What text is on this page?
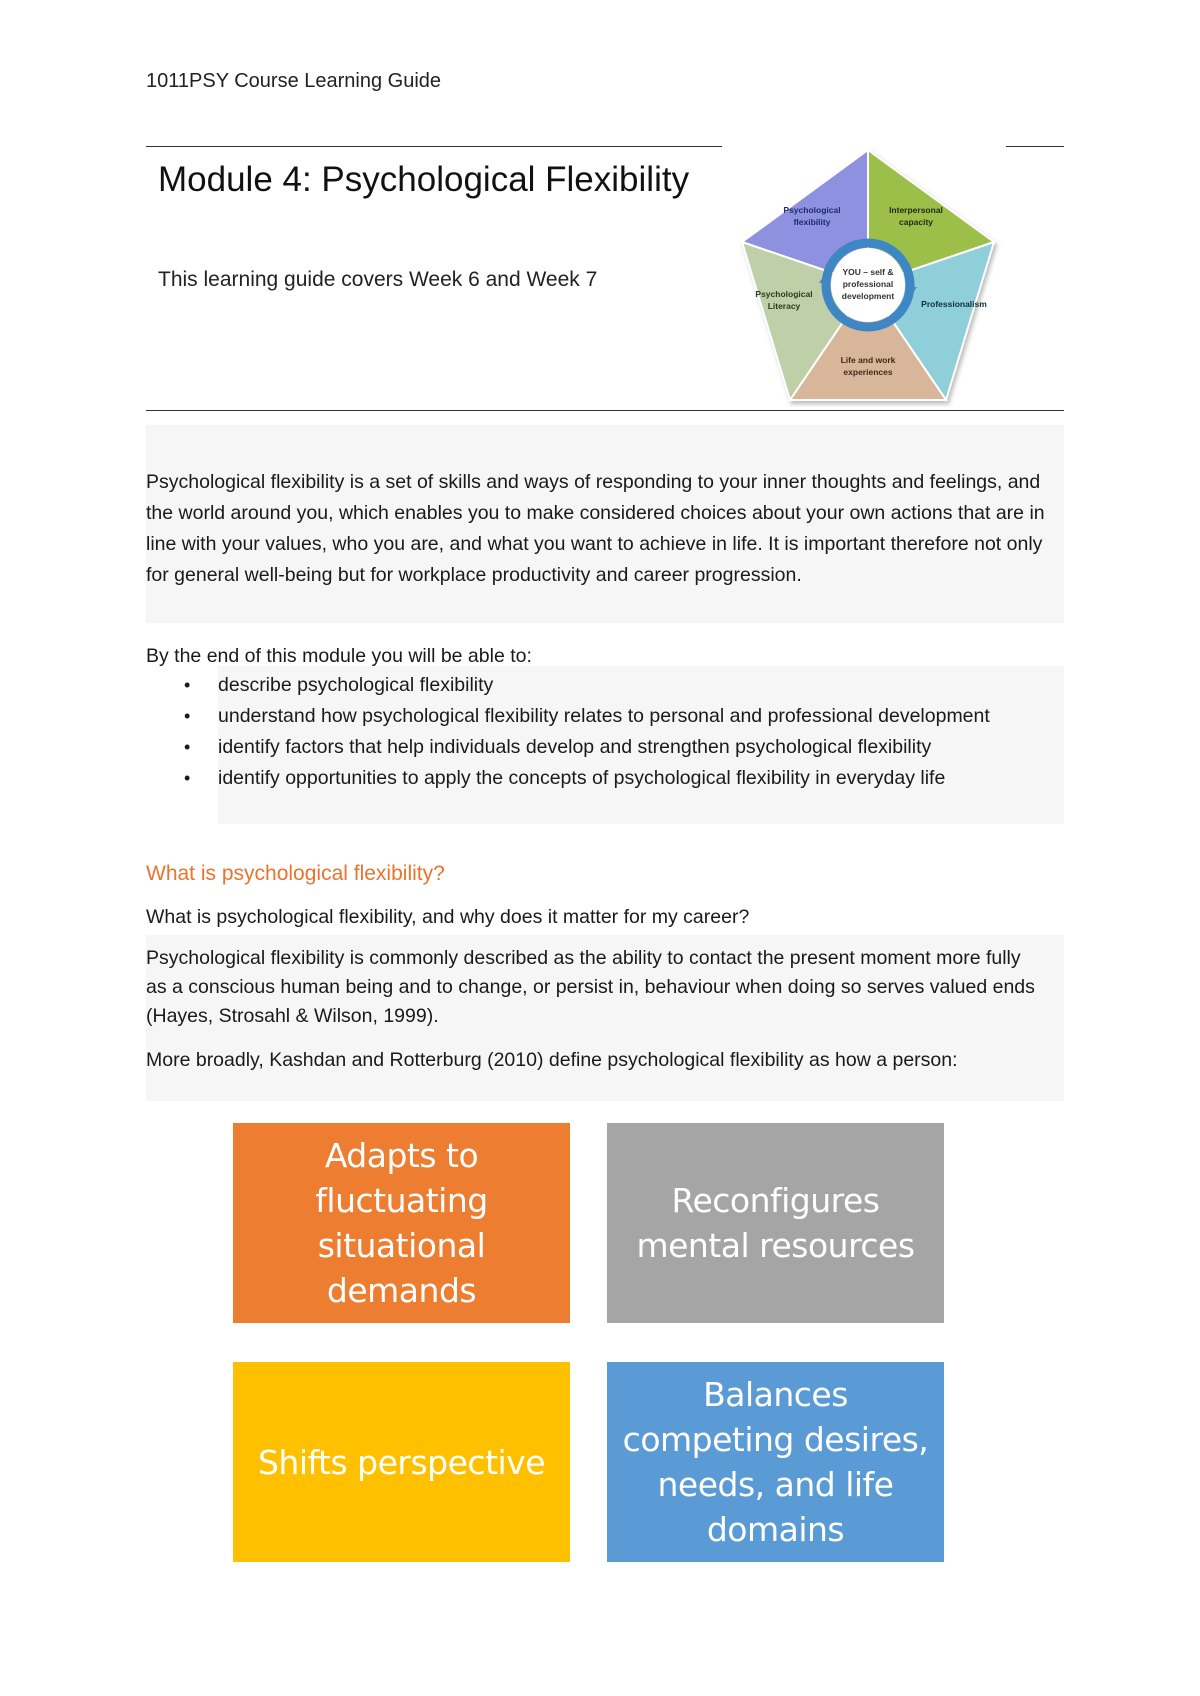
1011PSY Course Learning Guide
Module 4: Psychological Flexibility
This learning guide covers Week 6 and Week 7
Psychological
flexibility
Interpersonal
capacity
Professionalism
Life and work
experiences
Psychological
Literacy
YOU – self &
professional
development
Psychological flexibility is a set of skills and ways of responding to your inner thoughts and feelings, and the world around you, which enables you to make considered choices about your own actions that are in line with your values, who you are, and what you want to achieve in life. It is important therefore not only for general well-being but for workplace productivity and career progression.
By the end of this module you will be able to:
• describe psychological flexibility
• understand how psychological flexibility relates to personal and professional development
• identify factors that help individuals develop and strengthen psychological flexibility
• identify opportunities to apply the concepts of psychological flexibility in everyday life
What is psychological flexibility?
What is psychological flexibility, and why does it matter for my career?
Psychological flexibility is commonly described as the ability to contact the present moment more fully as a conscious human being and to change, or persist in, behaviour when doing so serves valued ends (Hayes, Strosahl & Wilson, 1999).
More broadly, Kashdan and Rotterburg (2010) define psychological flexibility as how a person:
Adapts to fluctuating situational demands
Reconfigures mental resources
Shifts perspective
Balances competing desires, needs, and life domains
